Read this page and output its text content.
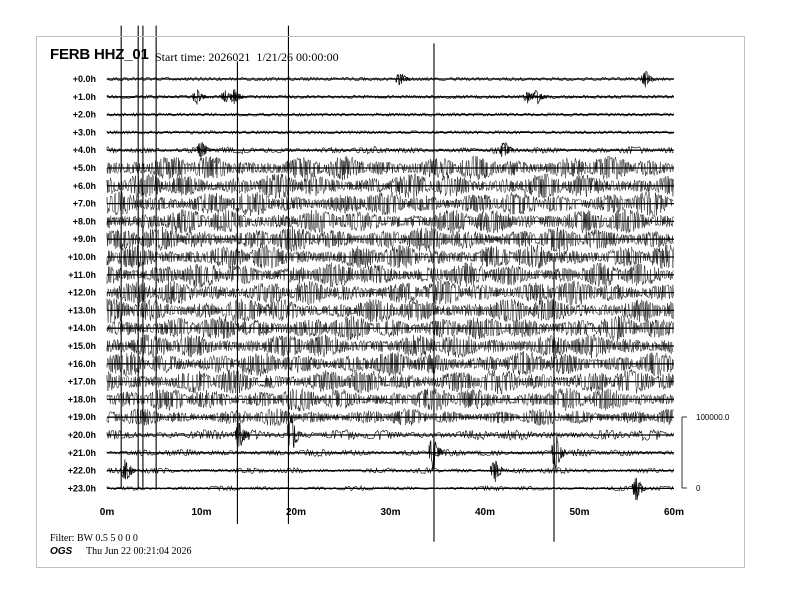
+0.0h
+1.0h
+2.0h
+3.0h
+4.0h
+5.0h
+6.0h
+7.0h
+8.0h
+9.0h
+10.0h
+11.0h
+12.0h
+13.0h
+14.0h
+15.0h
+16.0h
+17.0h
+18.0h
+19.0h
+20.0h
+21.0h
+22.0h
+23.0h
0m	10m	20m	30m	40m	50m	60m
100000.0
0
FERB HHZ_01 Start time: 2026021  1/21/26 00:00:00
Filter: BW 0.5 5 0 0 0
OGS Thu Jun 22 00:21:04 2026
